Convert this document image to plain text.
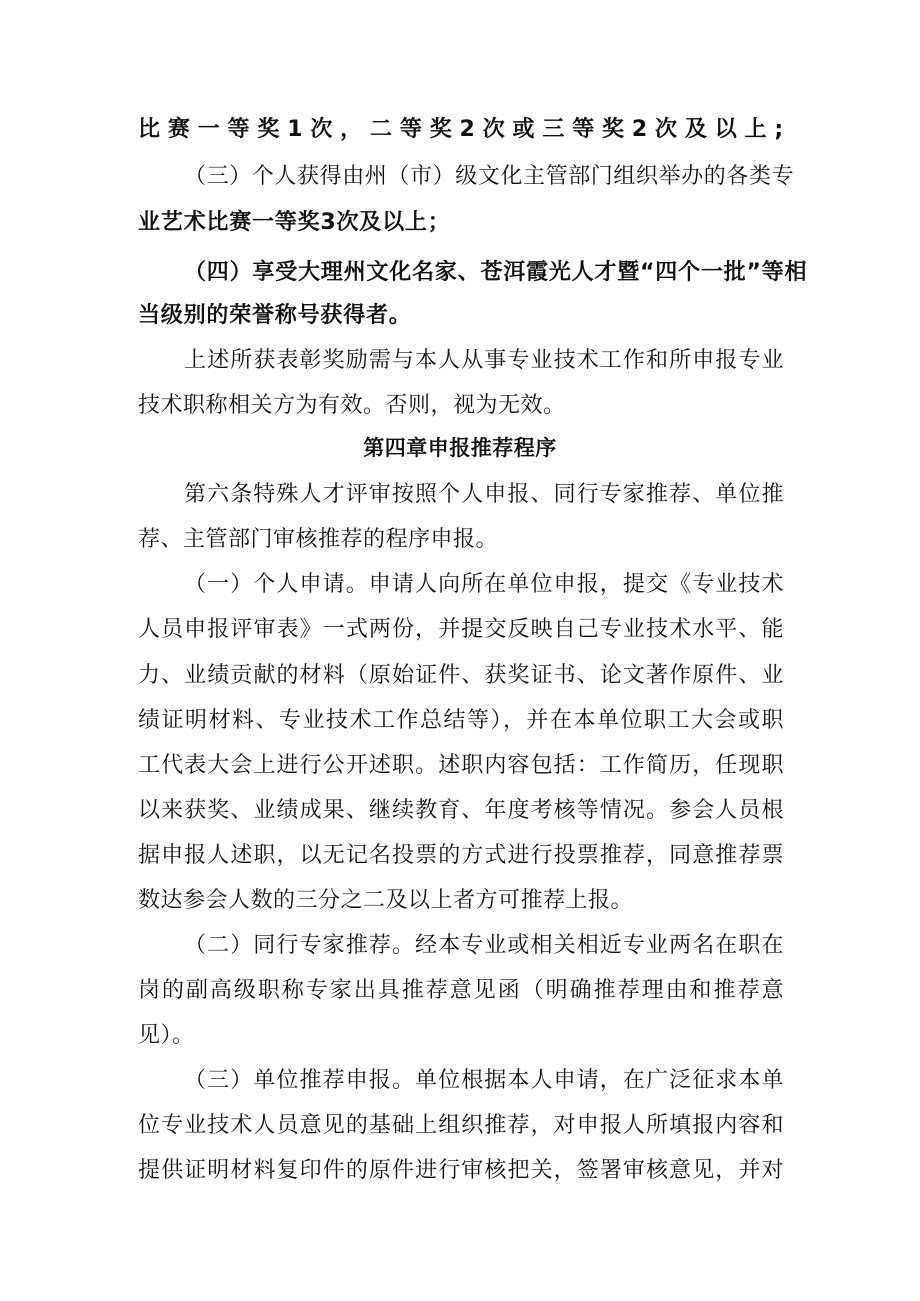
比赛一等奖1次，二等奖2次或三等奖2次及以上;
（三）个人获得由州（市）级文化主管部门组织举办的各类专
业艺术比赛一等奖3次及以上；
（四）享受大理州文化名家、苍洱霞光人才暨“四个一批”等相
当级别的荣誉称号获得者。
上述所获表彰奖励需与本人从事专业技术工作和所申报专业
技术职称相关方为有效。否则，视为无效。
第四章申报推荐程序
第六条特殊人才评审按照个人申报、同行专家推荐、单位推
荐、主管部门审核推荐的程序申报。
（一）个人申请。申请人向所在单位申报，提交《专业技术
人员申报评审表》一式两份，并提交反映自己专业技术水平、能
力、业绩贡献的材料（原始证件、获奖证书、论文著作原件、业
绩证明材料、专业技术工作总结等），并在本单位职工大会或职
工代表大会上进行公开述职。述职内容包括：工作简历，任现职
以来获奖、业绩成果、继续教育、年度考核等情况。参会人员根
据申报人述职，以无记名投票的方式进行投票推荐，同意推荐票
数达参会人数的三分之二及以上者方可推荐上报。
（二）同行专家推荐。经本专业或相关相近专业两名在职在
岗的副高级职称专家出具推荐意见函（明确推荐理由和推荐意
见）。
（三）单位推荐申报。单位根据本人申请，在广泛征求本单
位专业技术人员意见的基础上组织推荐，对申报人所填报内容和
提供证明材料复印件的原件进行审核把关，签署审核意见，并对
